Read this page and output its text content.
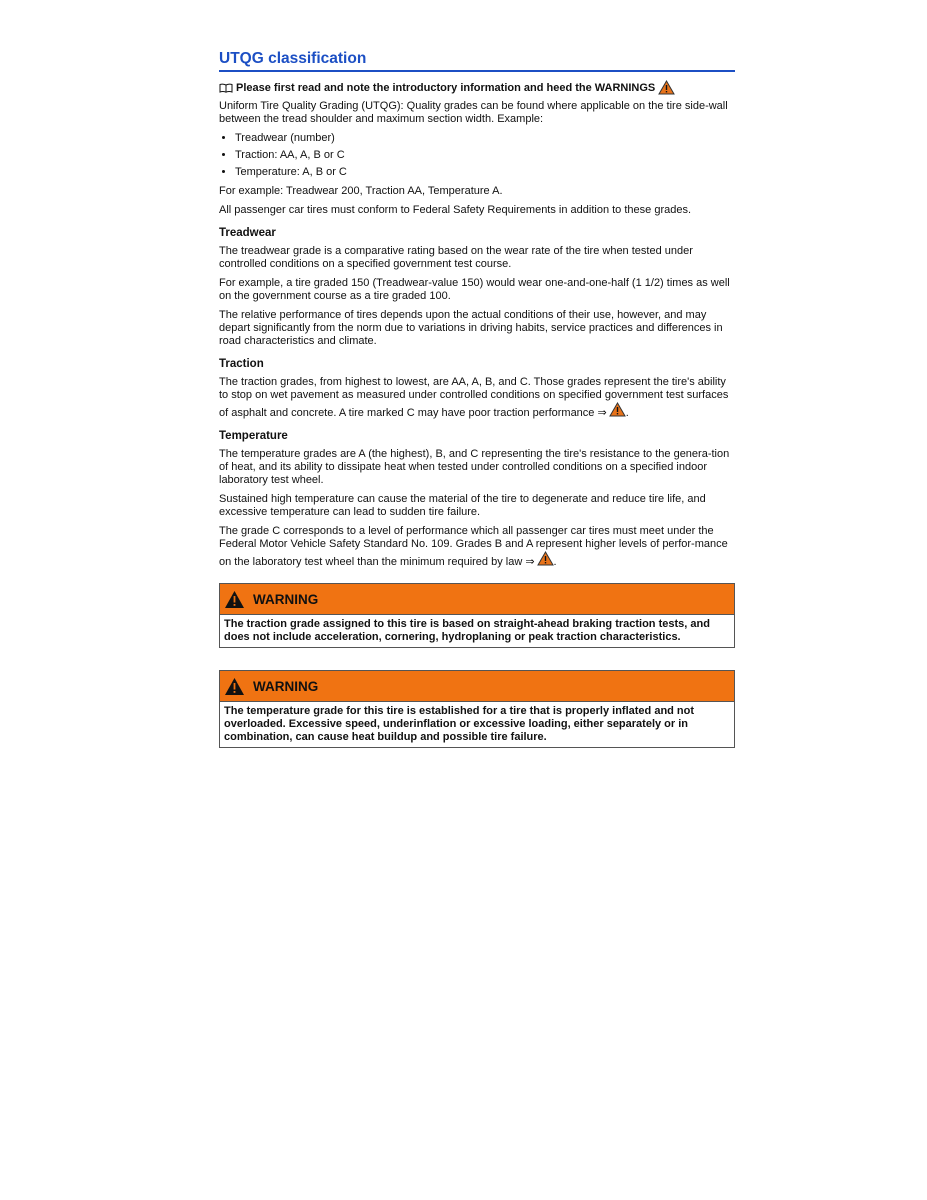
UTQG classification
Please first read and note the introductory information and heed the WARNINGS

Uniform Tire Quality Grading (UTQG): Quality grades can be found where applicable on the tire side-wall between the tread shoulder and maximum section width. Example:

• Treadwear (number)
• Traction: AA, A, B or C
• Temperature: A, B or C

For example: Treadwear 200, Traction AA, Temperature A.

All passenger car tires must conform to Federal Safety Requirements in addition to these grades.

Treadwear

The treadwear grade is a comparative rating based on the wear rate of the tire when tested under controlled conditions on a specified government test course.

For example, a tire graded 150 (Treadwear-value 150) would wear one-and-one-half (1 1/2) times as well on the government course as a tire graded 100.

The relative performance of tires depends upon the actual conditions of their use, however, and may depart significantly from the norm due to variations in driving habits, service practices and differences in road characteristics and climate.

Traction

The traction grades, from highest to lowest, are AA, A, B, and C. Those grades represent the tire's ability to stop on wet pavement as measured under controlled conditions on specified government test surfaces of asphalt and concrete. A tire marked C may have poor traction performance ⇒ .

Temperature

The temperature grades are A (the highest), B, and C representing the tire's resistance to the genera-tion of heat, and its ability to dissipate heat when tested under controlled conditions on a specified indoor laboratory test wheel.

Sustained high temperature can cause the material of the tire to degenerate and reduce tire life, and excessive temperature can lead to sudden tire failure.

The grade C corresponds to a level of performance which all passenger car tires must meet under the Federal Motor Vehicle Safety Standard No. 109. Grades B and A represent higher levels of perfor-mance on the laboratory test wheel than the minimum required by law ⇒ .

WARNING
The traction grade assigned to this tire is based on straight-ahead braking traction tests, and does not include acceleration, cornering, hydroplaning or peak traction characteristics.
WARNING
The temperature grade for this tire is established for a tire that is properly inflated and not overloaded. Excessive speed, underinflation or excessive loading, either separately or in combination, can cause heat buildup and possible tire failure.
